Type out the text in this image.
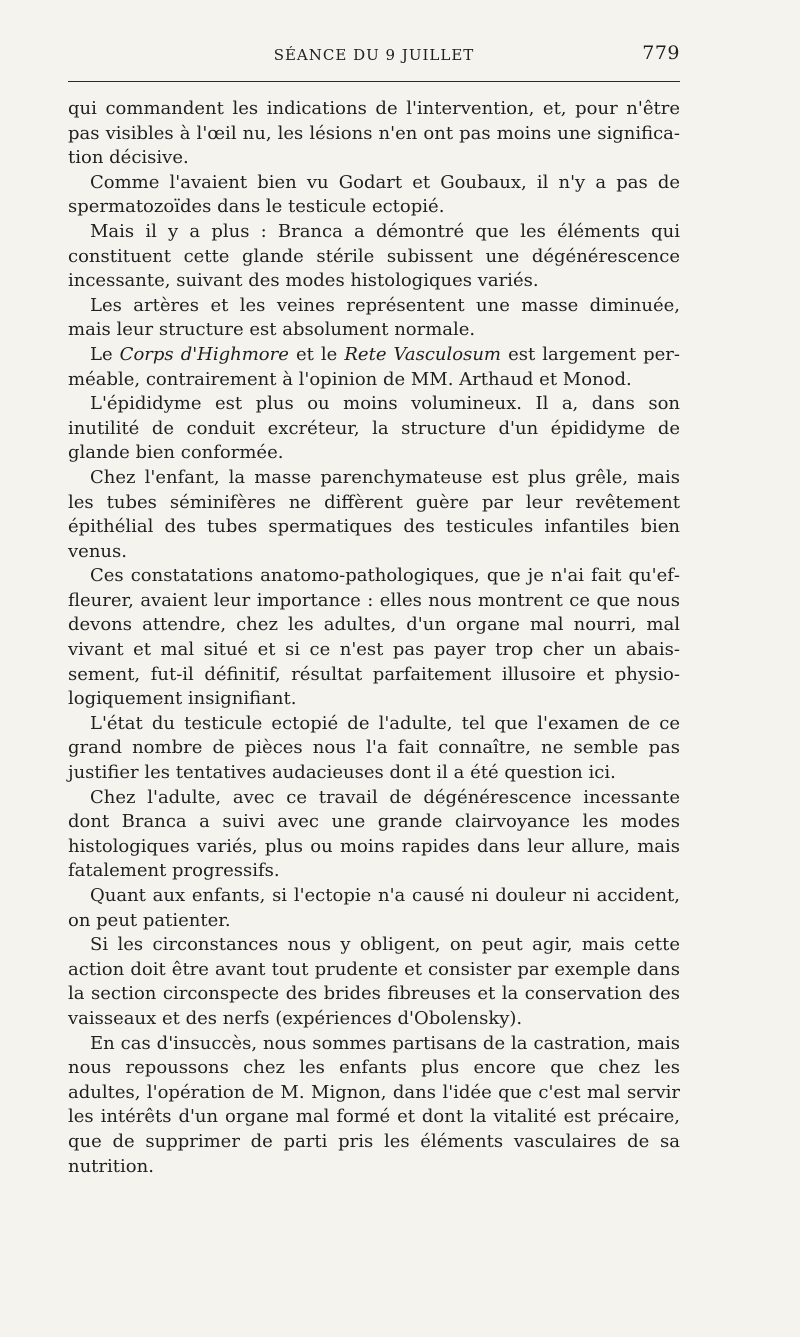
SÉANCE DU 9 JUILLET	779

qui commandent les indications de l'intervention, et, pour n'être pas visibles à l'œil nu, les lésions n'en ont pas moins une signification décisive.

Comme l'avaient bien vu Godart et Goubaux, il n'y a pas de spermatozoïdes dans le testicule ectopié.

Mais il y a plus : Branca a démontré que les éléments qui constituent cette glande stérile subissent une dégénérescence incessante, suivant des modes histologiques variés.

Les artères et les veines représentent une masse diminuée, mais leur structure est absolument normale.

Le Corps d'Highmore et le Rete Vasculosum est largement perméable, contrairement à l'opinion de MM. Arthaud et Monod.

L'épididyme est plus ou moins volumineux. Il a, dans son inutilité de conduit excréteur, la structure d'un épididyme de glande bien conformée.

Chez l'enfant, la masse parenchymateuse est plus grêle, mais les tubes séminifères ne diffèrent guère par leur revêtement épithélial des tubes spermatiques des testicules infantiles bien venus.

Ces constatations anatomo-pathologiques, que je n'ai fait qu'effleurer, avaient leur importance : elles nous montrent ce que nous devons attendre, chez les adultes, d'un organe mal nourri, mal vivant et mal situé et si ce n'est pas payer trop cher un abaissement, fut-il définitif, résultat parfaitement illusoire et physiologiquement insignifiant.

L'état du testicule ectopié de l'adulte, tel que l'examen de ce grand nombre de pièces nous l'a fait connaître, ne semble pas justifier les tentatives audacieuses dont il a été question ici.

Chez l'adulte, avec ce travail de dégénérescence incessante dont Branca a suivi avec une grande clairvoyance les modes histologiques variés, plus ou moins rapides dans leur allure, mais fatalement progressifs.

Quant aux enfants, si l'ectopie n'a causé ni douleur ni accident, on peut patienter.

Si les circonstances nous y obligent, on peut agir, mais cette action doit être avant tout prudente et consister par exemple dans la section circonspecte des brides fibreuses et la conservation des vaisseaux et des nerfs (expériences d'Obolensky).

En cas d'insuccès, nous sommes partisans de la castration, mais nous repoussons chez les enfants plus encore que chez les adultes, l'opération de M. Mignon, dans l'idée que c'est mal servir les intérêts d'un organe mal formé et dont la vitalité est précaire, que de supprimer de parti pris les éléments vasculaires de sa nutrition.
